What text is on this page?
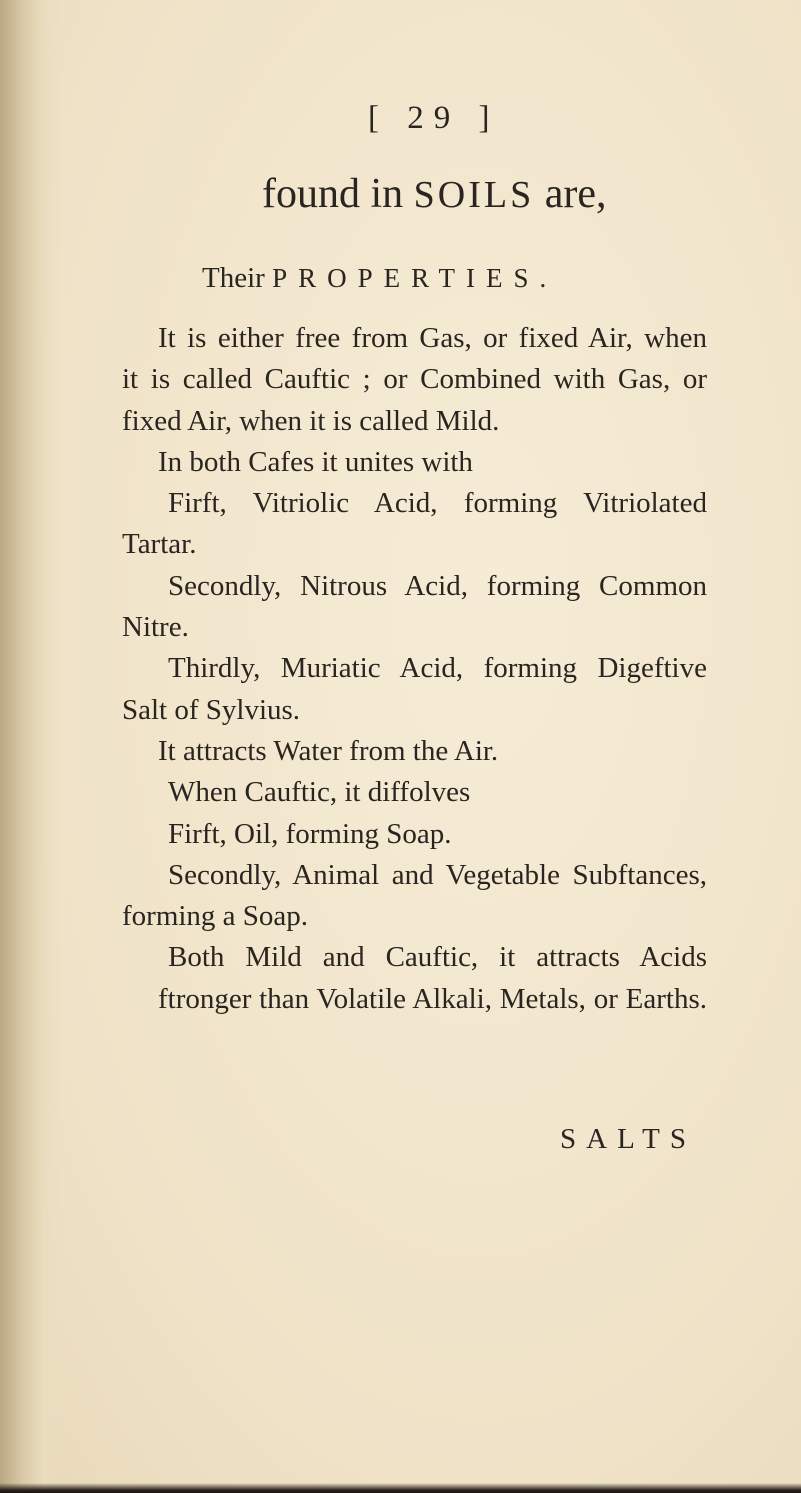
[ 29 ]
found in SOILS are,
Their PROPERTIES.
It is either free from Gas, or fixed Air, when
it is called Cauftic ; or Combined with Gas, or
fixed Air, when it is called Mild.
In both Cafes it unites with
Firft, Vitriolic Acid, forming Vitriolated
Tartar.
Secondly, Nitrous Acid, forming Common
Nitre.
Thirdly, Muriatic Acid, forming Digeftive
Salt of Sylvius.
It attracts Water from the Air.
When Cauftic, it diffolves
Firft, Oil, forming Soap.
Secondly, Animal and Vegetable Subftances,
forming a Soap.
Both Mild and Cauftic, it attracts Acids
ftronger than Volatile Alkali, Metals, or Earths.
SALTS
